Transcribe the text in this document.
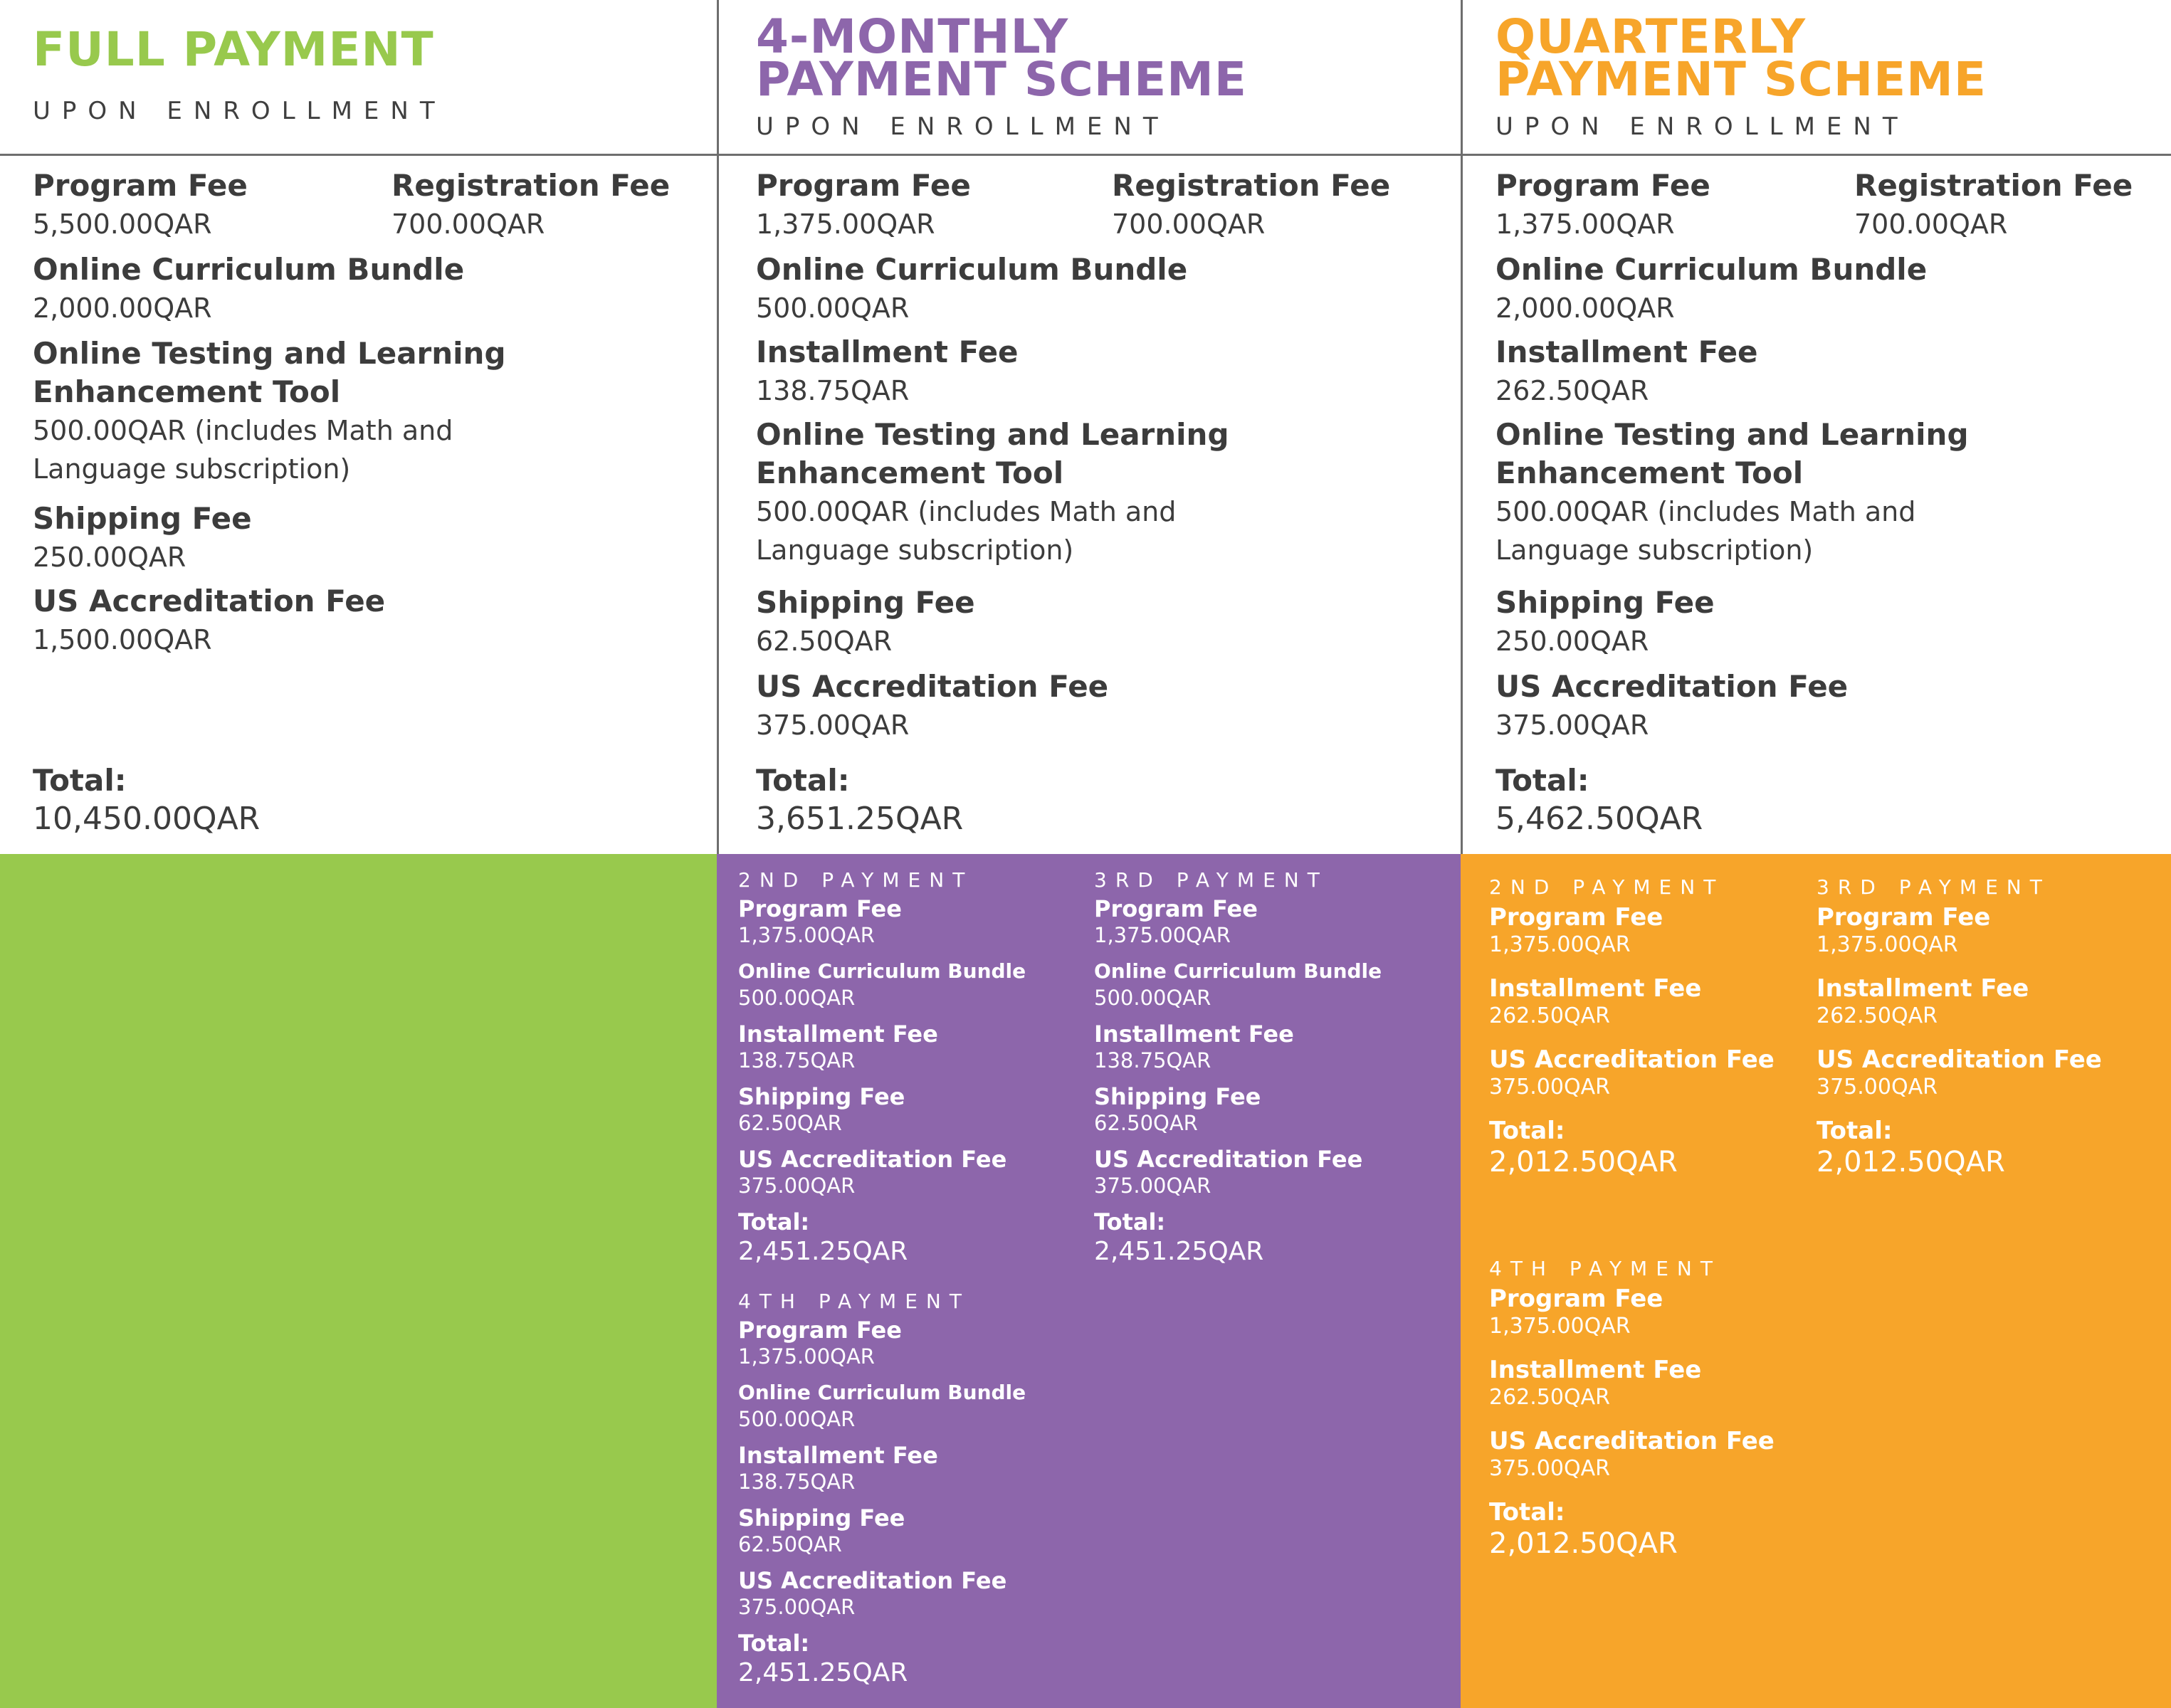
FULL PAYMENT

UPON ENROLLMENT

Program Fee
5,500.00QAR
Registration Fee
700.00QAR
Online Curriculum Bundle
2,000.00QAR
Online Testing and Learning
Enhancement Tool
500.00QAR (includes Math and
Language subscription)
Shipping Fee
250.00QAR
US Accreditation Fee
1,500.00QAR
Total:
10,450.00QAR
4-MONTHLY
PAYMENT SCHEME

UPON ENROLLMENT

Program Fee
1,375.00QAR
Registration Fee
700.00QAR
Online Curriculum Bundle
500.00QAR
Installment Fee
138.75QAR
Online Testing and Learning
Enhancement Tool
500.00QAR (includes Math and
Language subscription)
Shipping Fee
62.50QAR
US Accreditation Fee
375.00QAR
Total:
3,651.25QAR
QUARTERLY
PAYMENT SCHEME

UPON ENROLLMENT

Program Fee
1,375.00QAR
Registration Fee
700.00QAR
Online Curriculum Bundle
2,000.00QAR
Installment Fee
262.50QAR
Online Testing and Learning
Enhancement Tool
500.00QAR (includes Math and
Language subscription)
Shipping Fee
250.00QAR
US Accreditation Fee
375.00QAR
Total:
5,462.50QAR

2ND PAYMENT

Program Fee
1,375.00QAR
Online Curriculum Bundle
500.00QAR
Installment Fee
138.75QAR
Shipping Fee
62.50QAR
US Accreditation Fee
375.00QAR
Total:
2,451.25QAR

3RD PAYMENT

Program Fee
1,375.00QAR
Online Curriculum Bundle
500.00QAR
Installment Fee
138.75QAR
Shipping Fee
62.50QAR
US Accreditation Fee
375.00QAR
Total:
2,451.25QAR

4TH PAYMENT

Program Fee
1,375.00QAR
Online Curriculum Bundle
500.00QAR
Installment Fee
138.75QAR
Shipping Fee
62.50QAR
US Accreditation Fee
375.00QAR
Total:
2,451.25QAR

2ND PAYMENT

Program Fee
1,375.00QAR
Installment Fee
262.50QAR
US Accreditation Fee
375.00QAR
Total:
2,012.50QAR

3RD PAYMENT

Program Fee
1,375.00QAR
Installment Fee
262.50QAR
US Accreditation Fee
375.00QAR
Total:
2,012.50QAR

4TH PAYMENT

Program Fee
1,375.00QAR
Installment Fee
262.50QAR
US Accreditation Fee
375.00QAR
Total:
2,012.50QAR
